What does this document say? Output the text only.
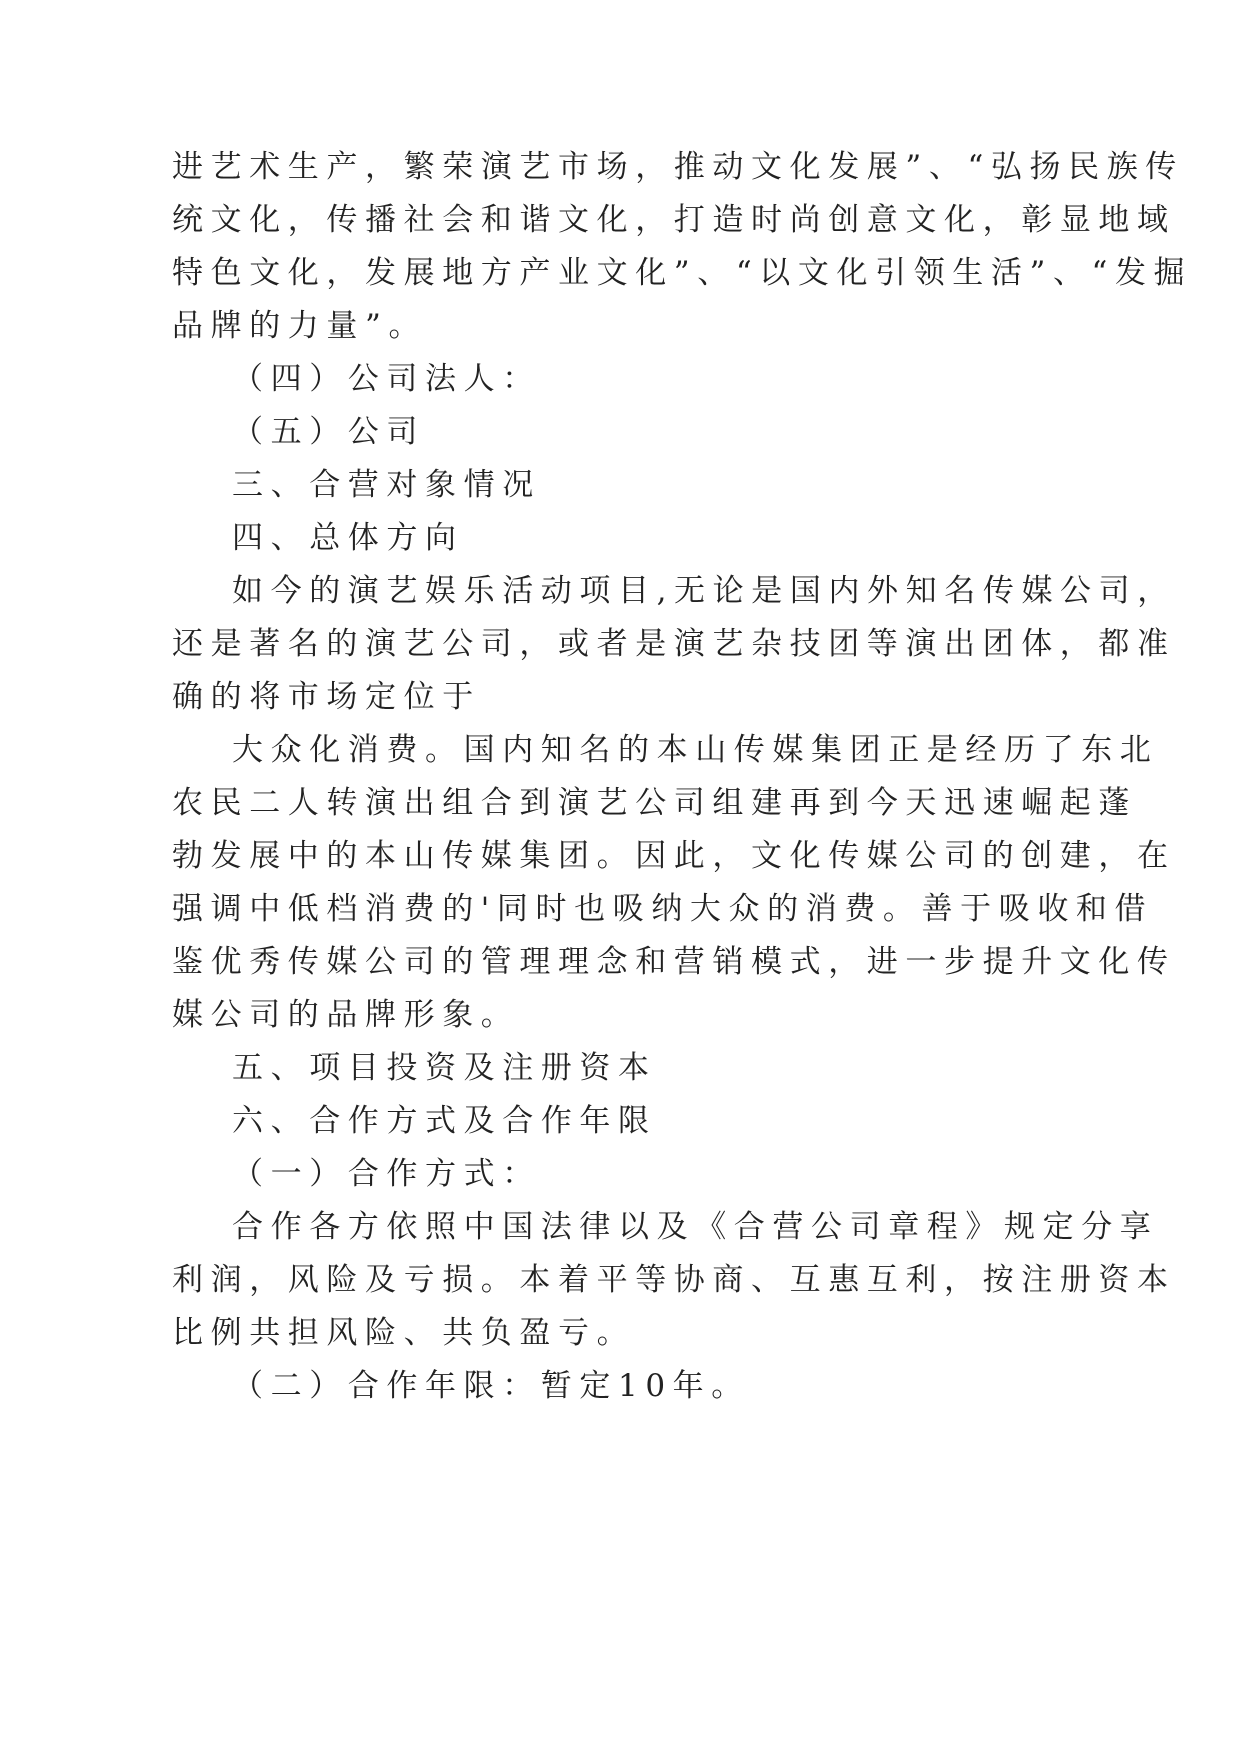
进艺术生产，繁荣演艺市场，推动文化发展”、“弘扬民族传
统文化，传播社会和谐文化，打造时尚创意文化，彰显地域
特色文化，发展地方产业文化”、“以文化引领生活”、“发掘
品牌的力量”。
（四）公司法人：
（五）公司
三、合营对象情况
四、总体方向
如今的演艺娱乐活动项目,无论是国内外知名传媒公司，
还是著名的演艺公司，或者是演艺杂技团等演出团体，都准
确的将市场定位于
大众化消费。国内知名的本山传媒集团正是经历了东北
农民二人转演出组合到演艺公司组建再到今天迅速崛起蓬
勃发展中的本山传媒集团。因此，文化传媒公司的创建，在
强调中低档消费的'同时也吸纳大众的消费。善于吸收和借
鉴优秀传媒公司的管理理念和营销模式，进一步提升文化传
媒公司的品牌形象。
五、项目投资及注册资本
六、合作方式及合作年限
（一）合作方式：
合作各方依照中国法律以及《合营公司章程》规定分享
利润，风险及亏损。本着平等协商、互惠互利，按注册资本
比例共担风险、共负盈亏。
（二）合作年限：暂定10年。
